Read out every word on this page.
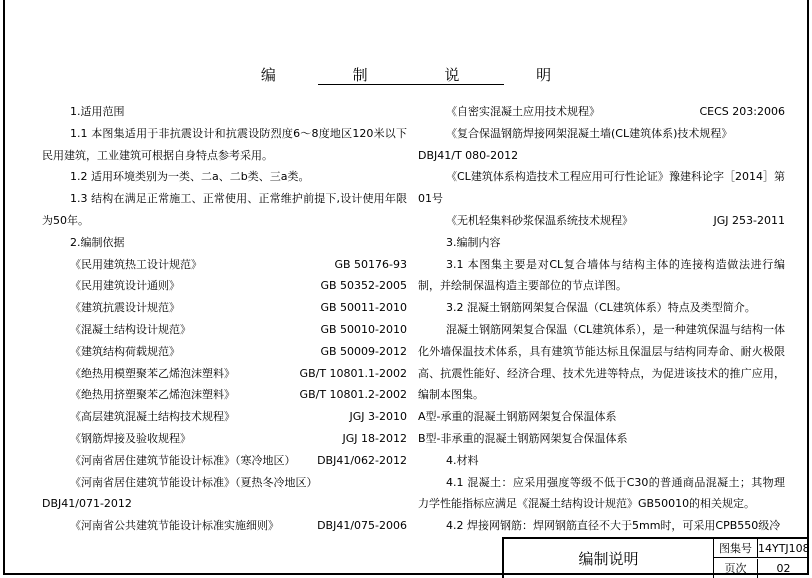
编 制 说 明
1.适用范围
1.1 本图集适用于非抗震设计和抗震设防烈度6～8度地区120米以下民用建筑，工业建筑可根据自身特点参考采用。
1.2 适用环境类别为一类、二a、二b类、三a类。
1.3 结构在满足正常施工、正常使用、正常维护前提下,设计使用年限为50年。
2.编制依据
《民用建筑热工设计规范》	GB 50176-93
《民用建筑设计通则》	GB 50352-2005
《建筑抗震设计规范》	GB 50011-2010
《混凝土结构设计规范》	GB 50010-2010
《建筑结构荷载规范》	GB 50009-2012
《绝热用模塑聚苯乙烯泡沫塑料》	GB/T 10801.1-2002
《绝热用挤塑聚苯乙烯泡沫塑料》	GB/T 10801.2-2002
《高层建筑混凝土结构技术规程》	JGJ 3-2010
《钢筋焊接及验收规程》	JGJ 18-2012
《河南省居住建筑节能设计标准》（寒冷地区） DBJ41/062-2012
《河南省居住建筑节能设计标准》（夏热冬冷地区）
DBJ41/071-2012
《河南省公共建筑节能设计标准实施细则》	DBJ41/075-2006
《自密实混凝土应用技术规程》	CECS 203:2006
《复合保温钢筋焊接网架混凝土墙(CL建筑体系)技术规程》
DBJ41/T 080-2012
《CL建筑体系构造技术工程应用可行性论证》豫建科论字［2014］第01号
《无机轻集料砂浆保温系统技术规程》	JGJ 253-2011
3.编制内容
3.1 本图集主要是对CL复合墙体与结构主体的连接构造做法进行编制，并绘制保温构造主要部位的节点详图。
3.2 混凝土钢筋网架复合保温（CL建筑体系）特点及类型简介。
混凝土钢筋网架复合保温（CL建筑体系），是一种建筑保温与结构一体化外墙保温技术体系，具有建筑节能达标且保温层与结构同寿命、耐火极限高、抗震性能好、经济合理、技术先进等特点，为促进该技术的推广应用，编制本图集。
A型-承重的混凝土钢筋网架复合保温体系
B型-非承重的混凝土钢筋网架复合保温体系
4.材料
4.1 混凝土：应采用强度等级不低于C30的普通商品混凝土；其物理力学性能指标应满足《混凝土结构设计规范》GB50010的相关规定。
4.2 焊接网钢筋：焊网钢筋直径不大于5mm时，可采用CPB550级冷
编制说明
图集号 14YTJ108
页次	02
